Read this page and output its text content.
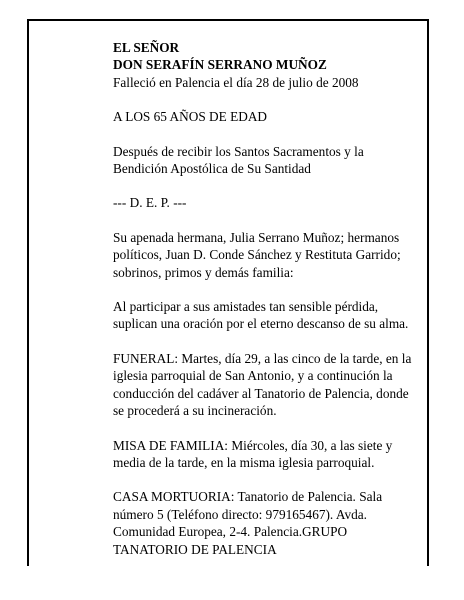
EL SEÑOR
DON SERAFÍN SERRANO MUÑOZ
Falleció en Palencia el día 28 de julio de 2008
A LOS 65 AÑOS DE EDAD
Después de recibir los Santos Sacramentos y la
Bendición Apostólica de Su Santidad
--- D. E. P. ---
Su apenada hermana, Julia Serrano Muñoz; hermanos
políticos, Juan D. Conde Sánchez y Restituta Garrido;
sobrinos, primos y demás familia:
Al participar a sus amistades tan sensible pérdida,
suplican una oración por el eterno descanso de su alma.
FUNERAL: Martes, día 29, a las cinco de la tarde, en la
iglesia parroquial de San Antonio, y a continución la
conducción del cadáver al Tanatorio de Palencia, donde
se procederá a su incineración.
MISA DE FAMILIA: Miércoles, día 30, a las siete y
media de la tarde, en la misma iglesia parroquial.
CASA MORTUORIA: Tanatorio de Palencia. Sala
número 5 (Teléfono directo: 979165467). Avda.
Comunidad Europea, 2-4. Palencia.GRUPO
TANATORIO DE PALENCIA
